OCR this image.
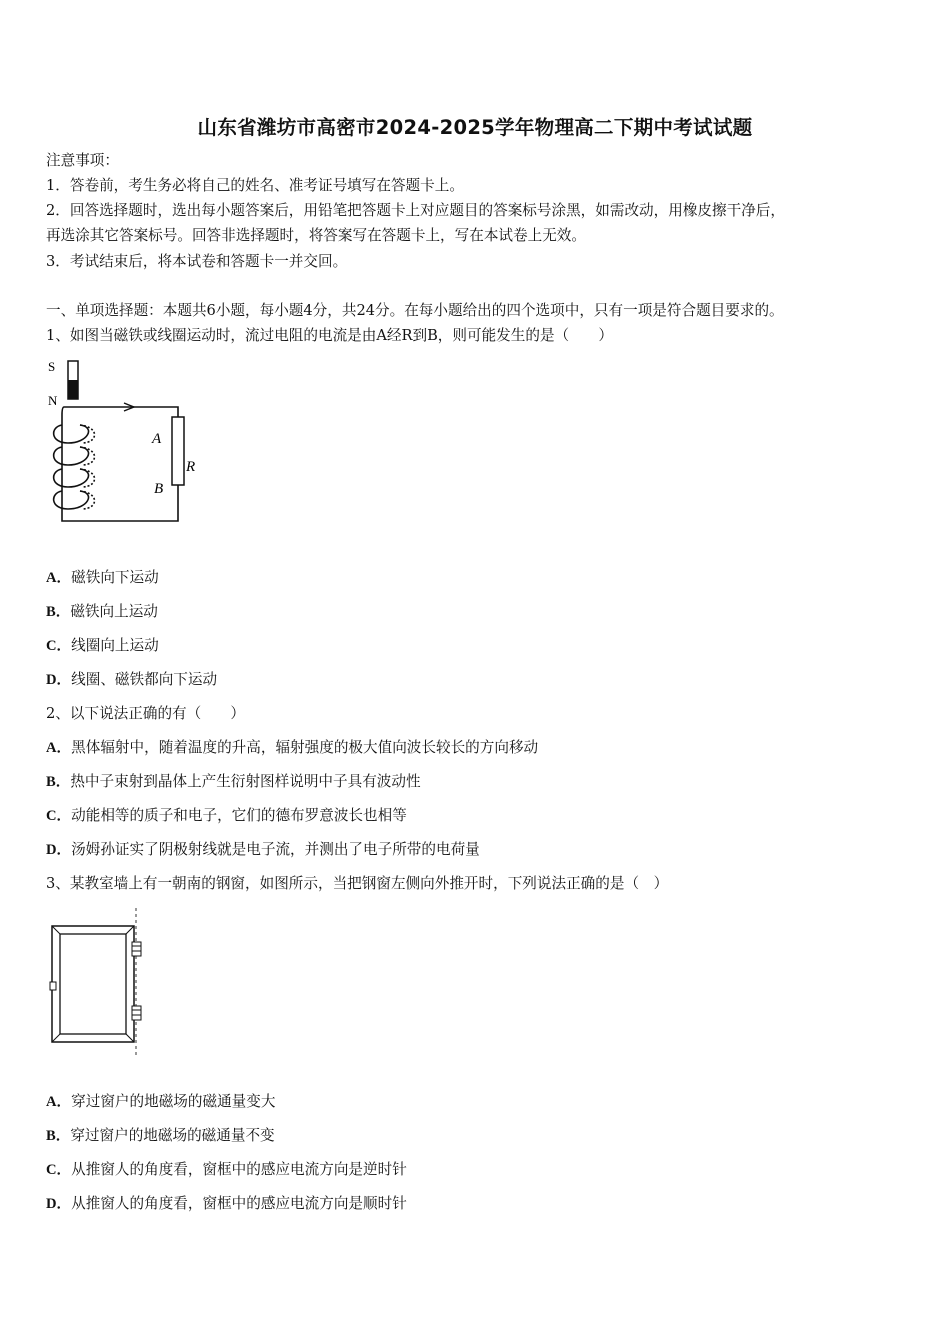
山东省潍坊市高密市2024-2025学年物理高二下期中考试试题
注意事项：
1．答卷前，考生务必将自己的姓名、准考证号填写在答题卡上。
2．回答选择题时，选出每小题答案后，用铅笔把答题卡上对应题目的答案标号涂黑，如需改动，用橡皮擦干净后，
再选涂其它答案标号。回答非选择题时，将答案写在答题卡上，写在本试卷上无效。
3．考试结束后，将本试卷和答题卡一并交回。
一、单项选择题：本题共6小题，每小题4分，共24分。在每小题给出的四个选项中，只有一项是符合题目要求的。
1、如图当磁铁或线圈运动时，流过电阻的电流是由A经R到B，则可能发生的是（　　）
S
N
A
B
R
A．磁铁向下运动
B．磁铁向上运动
C．线圈向上运动
D．线圈、磁铁都向下运动
2、以下说法正确的有（　　）
A．黑体辐射中，随着温度的升高，辐射强度的极大值向波长较长的方向移动
B．热中子束射到晶体上产生衍射图样说明中子具有波动性
C．动能相等的质子和电子，它们的德布罗意波长也相等
D．汤姆孙证实了阴极射线就是电子流，并测出了电子所带的电荷量
3、某教室墙上有一朝南的钢窗，如图所示，当把钢窗左侧向外推开时，下列说法正确的是（　）
A．穿过窗户的地磁场的磁通量变大
B．穿过窗户的地磁场的磁通量不变
C．从推窗人的角度看，窗框中的感应电流方向是逆时针
D．从推窗人的角度看，窗框中的感应电流方向是顺时针
